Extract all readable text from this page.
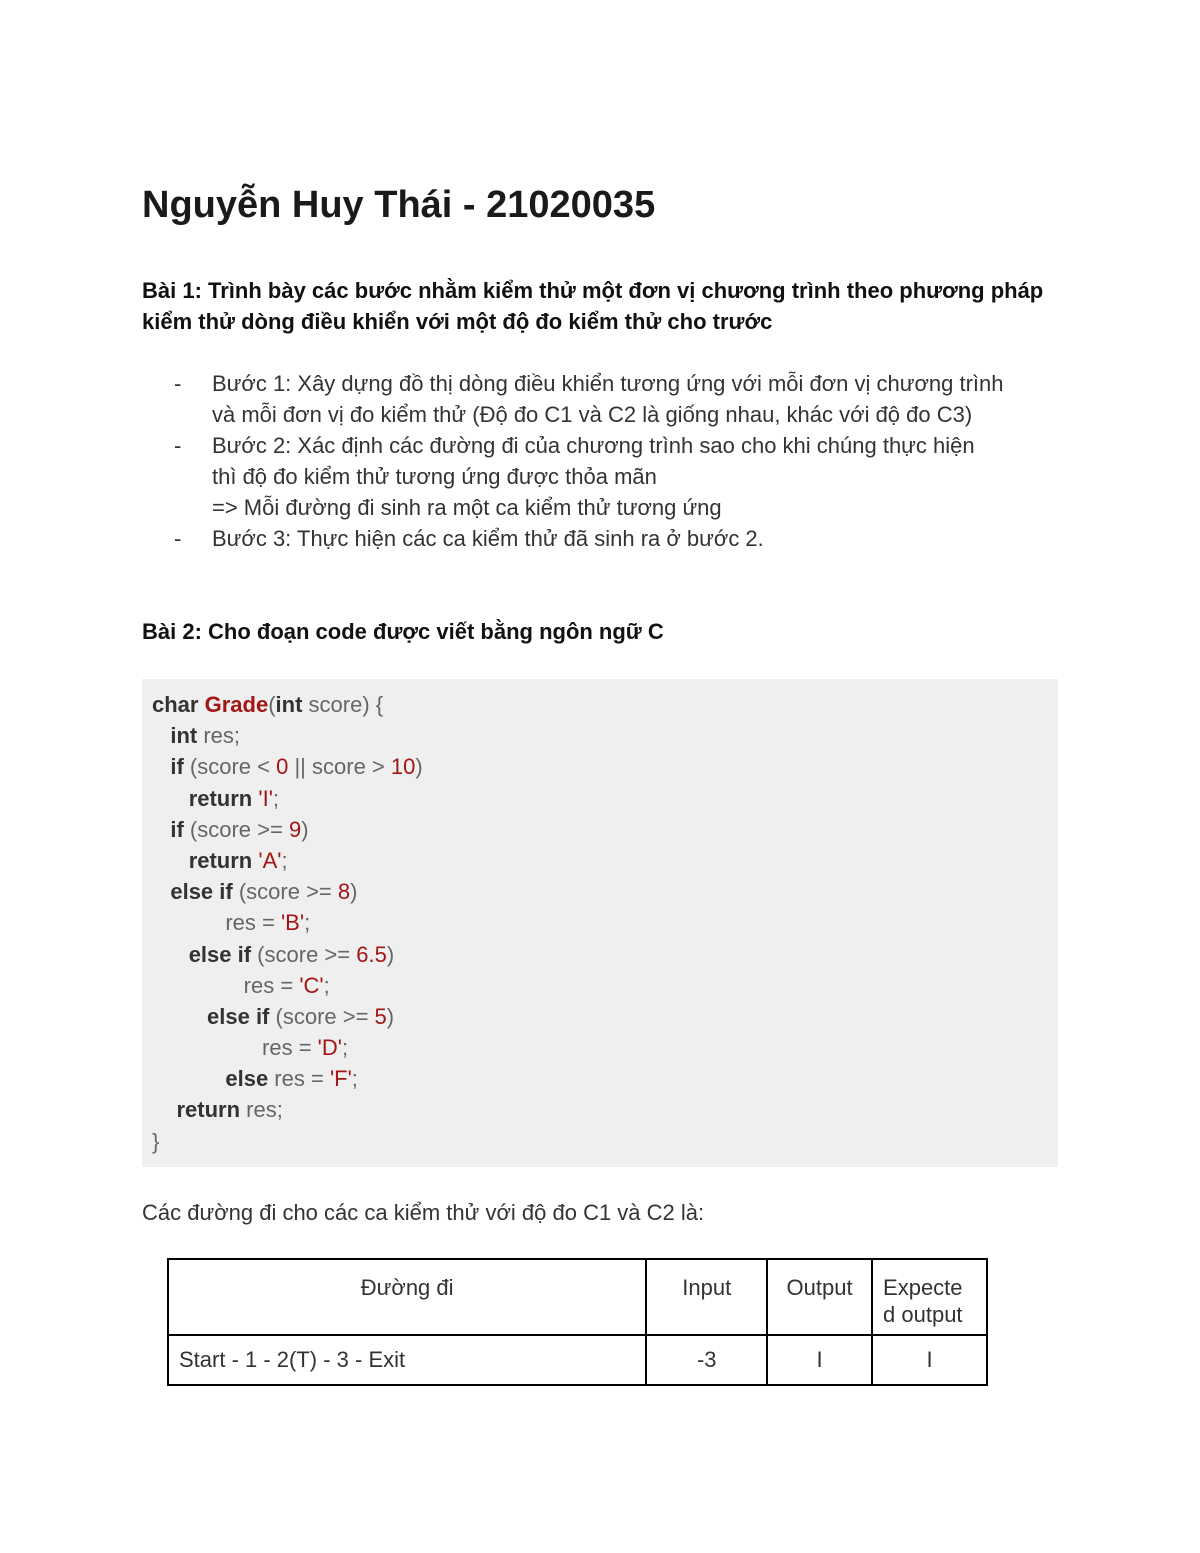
Nguyễn Huy Thái - 21020035

Bài 1: Trình bày các bước nhằm kiểm thử một đơn vị chương trình theo phương pháp kiểm thử dòng điều khiển với một độ đo kiểm thử cho trước

- Bước 1: Xây dựng đồ thị dòng điều khiển tương ứng với mỗi đơn vị chương trình
và mỗi đơn vị đo kiểm thử (Độ đo C1 và C2 là giống nhau, khác với độ đo C3)
- Bước 2: Xác định các đường đi của chương trình sao cho khi chúng thực hiện
thì độ đo kiểm thử tương ứng được thỏa mãn
=> Mỗi đường đi sinh ra một ca kiểm thử tương ứng
- Bước 3: Thực hiện các ca kiểm thử đã sinh ra ở bước 2.

Bài 2: Cho đoạn code được viết bằng ngôn ngữ C

char Grade(int score) {
int res;
if (score < 0 || score > 10)
return 'I';
if (score >= 9)
return 'A';
else if (score >= 8)
res = 'B';
else if (score >= 6.5)
res = 'C';
else if (score >= 5)
res = 'D';
else res = 'F';
return res;
}

Các đường đi cho các ca kiểm thử với độ đo C1 và C2 là:

Đường đi	Input	Output	Expecte
d output
Start - 1 - 2(T) - 3 - Exit	-3	I	I
